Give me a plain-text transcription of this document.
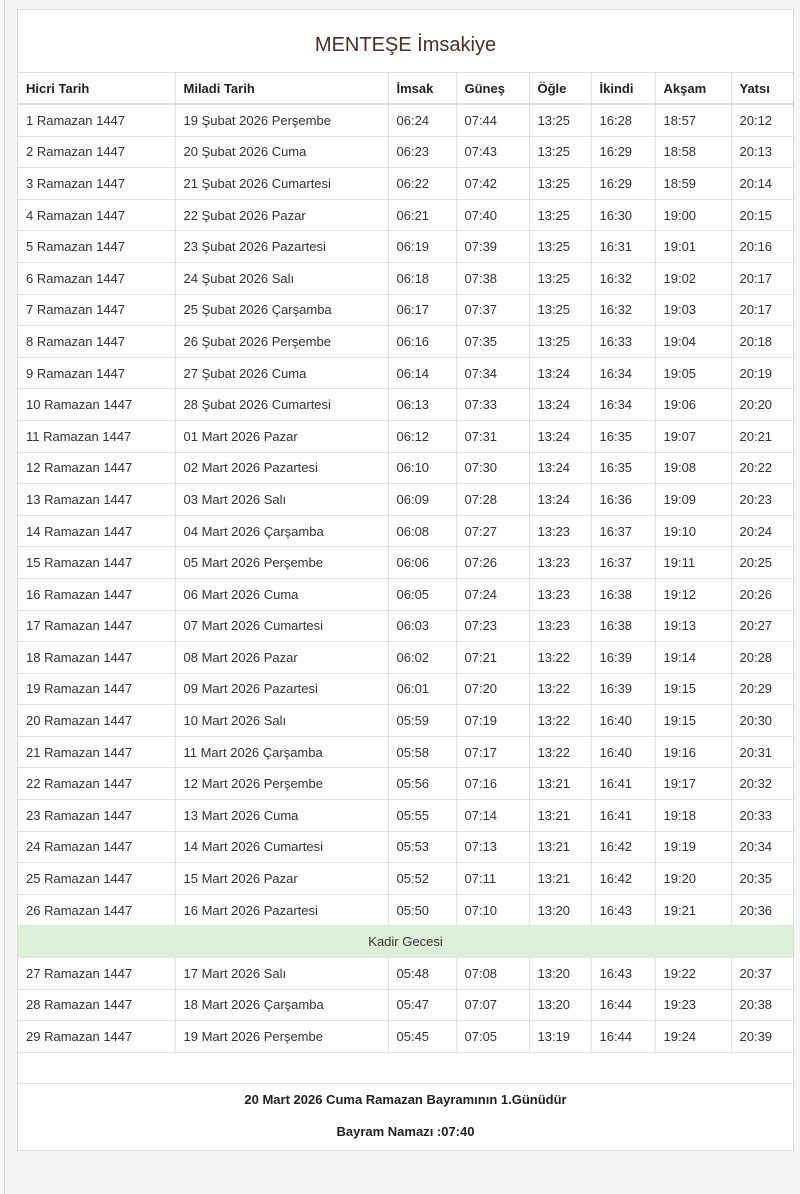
MENTEŞE İmsakiye
Hicri Tarih	Miladi Tarih	İmsak	Güneş	Öğle	İkindi	Akşam	Yatsı
1 Ramazan 1447	19 Şubat 2026 Perşembe	06:24	07:44	13:25	16:28	18:57	20:12
2 Ramazan 1447	20 Şubat 2026 Cuma	06:23	07:43	13:25	16:29	18:58	20:13
3 Ramazan 1447	21 Şubat 2026 Cumartesi	06:22	07:42	13:25	16:29	18:59	20:14
4 Ramazan 1447	22 Şubat 2026 Pazar	06:21	07:40	13:25	16:30	19:00	20:15
5 Ramazan 1447	23 Şubat 2026 Pazartesi	06:19	07:39	13:25	16:31	19:01	20:16
6 Ramazan 1447	24 Şubat 2026 Salı	06:18	07:38	13:25	16:32	19:02	20:17
7 Ramazan 1447	25 Şubat 2026 Çarşamba	06:17	07:37	13:25	16:32	19:03	20:17
8 Ramazan 1447	26 Şubat 2026 Perşembe	06:16	07:35	13:25	16:33	19:04	20:18
9 Ramazan 1447	27 Şubat 2026 Cuma	06:14	07:34	13:24	16:34	19:05	20:19
10 Ramazan 1447	28 Şubat 2026 Cumartesi	06:13	07:33	13:24	16:34	19:06	20:20
11 Ramazan 1447	01 Mart 2026 Pazar	06:12	07:31	13:24	16:35	19:07	20:21
12 Ramazan 1447	02 Mart 2026 Pazartesi	06:10	07:30	13:24	16:35	19:08	20:22
13 Ramazan 1447	03 Mart 2026 Salı	06:09	07:28	13:24	16:36	19:09	20:23
14 Ramazan 1447	04 Mart 2026 Çarşamba	06:08	07:27	13:23	16:37	19:10	20:24
15 Ramazan 1447	05 Mart 2026 Perşembe	06:06	07:26	13:23	16:37	19:11	20:25
16 Ramazan 1447	06 Mart 2026 Cuma	06:05	07:24	13:23	16:38	19:12	20:26
17 Ramazan 1447	07 Mart 2026 Cumartesi	06:03	07:23	13:23	16:38	19:13	20:27
18 Ramazan 1447	08 Mart 2026 Pazar	06:02	07:21	13:22	16:39	19:14	20:28
19 Ramazan 1447	09 Mart 2026 Pazartesi	06:01	07:20	13:22	16:39	19:15	20:29
20 Ramazan 1447	10 Mart 2026 Salı	05:59	07:19	13:22	16:40	19:15	20:30
21 Ramazan 1447	11 Mart 2026 Çarşamba	05:58	07:17	13:22	16:40	19:16	20:31
22 Ramazan 1447	12 Mart 2026 Perşembe	05:56	07:16	13:21	16:41	19:17	20:32
23 Ramazan 1447	13 Mart 2026 Cuma	05:55	07:14	13:21	16:41	19:18	20:33
24 Ramazan 1447	14 Mart 2026 Cumartesi	05:53	07:13	13:21	16:42	19:19	20:34
25 Ramazan 1447	15 Mart 2026 Pazar	05:52	07:11	13:21	16:42	19:20	20:35
26 Ramazan 1447	16 Mart 2026 Pazartesi	05:50	07:10	13:20	16:43	19:21	20:36
Kadir Gecesi							
27 Ramazan 1447	17 Mart 2026 Salı	05:48	07:08	13:20	16:43	19:22	20:37
28 Ramazan 1447	18 Mart 2026 Çarşamba	05:47	07:07	13:20	16:44	19:23	20:38
29 Ramazan 1447	19 Mart 2026 Perşembe	05:45	07:05	13:19	16:44	19:24	20:39
20 Mart 2026 Cuma Ramazan Bayramının 1.Günüdür
Bayram Namazı :07:40
